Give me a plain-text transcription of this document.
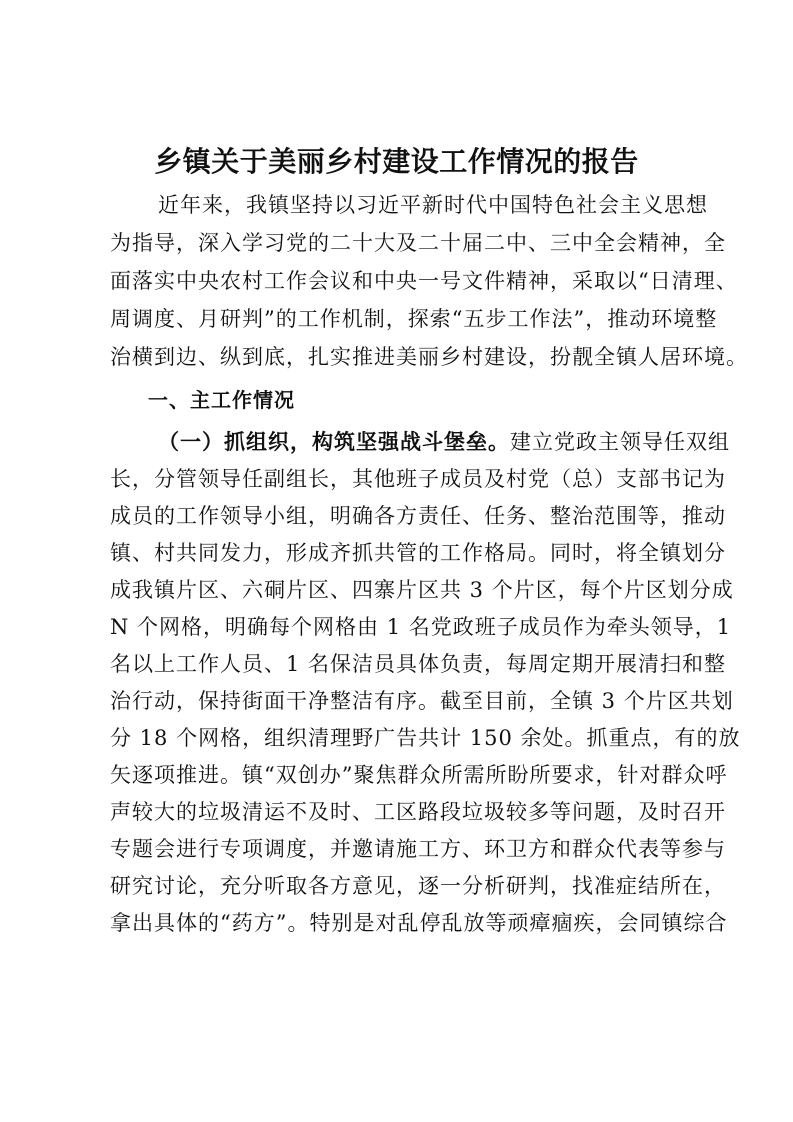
乡镇关于美丽乡村建设工作情况的报告

近年来，我镇坚持以习近平新时代中国特色社会主义思想
为指导，深入学习党的二十大及二十届二中、三中全会精神，全
面落实中央农村工作会议和中央一号文件精神，采取以“日清理、
周调度、月研判”的工作机制，探索“五步工作法”，推动环境整
治横到边、纵到底，扎实推进美丽乡村建设，扮靓全镇人居环境。

一、主工作情况

（一）抓组织，构筑坚强战斗堡垒。建立党政主领导任双组
长，分管领导任副组长，其他班子成员及村党（总）支部书记为
成员的工作领导小组，明确各方责任、任务、整治范围等，推动
镇、村共同发力，形成齐抓共管的工作格局。同时，将全镇划分
成我镇片区、六硐片区、四寨片区共 3 个片区，每个片区划分成
N 个网格，明确每个网格由 1 名党政班子成员作为牵头领导，1
名以上工作人员、1 名保洁员具体负责，每周定期开展清扫和整
治行动，保持街面干净整洁有序。截至目前，全镇 3 个片区共划
分 18 个网格，组织清理野广告共计 150 余处。抓重点，有的放
矢逐项推进。镇“双创办”聚焦群众所需所盼所要求，针对群众呼
声较大的垃圾清运不及时、工区路段垃圾较多等问题，及时召开
专题会进行专项调度，并邀请施工方、环卫方和群众代表等参与
研究讨论，充分听取各方意见，逐一分析研判，找准症结所在，
拿出具体的“药方”。特别是对乱停乱放等顽瘴痼疾，会同镇综合
